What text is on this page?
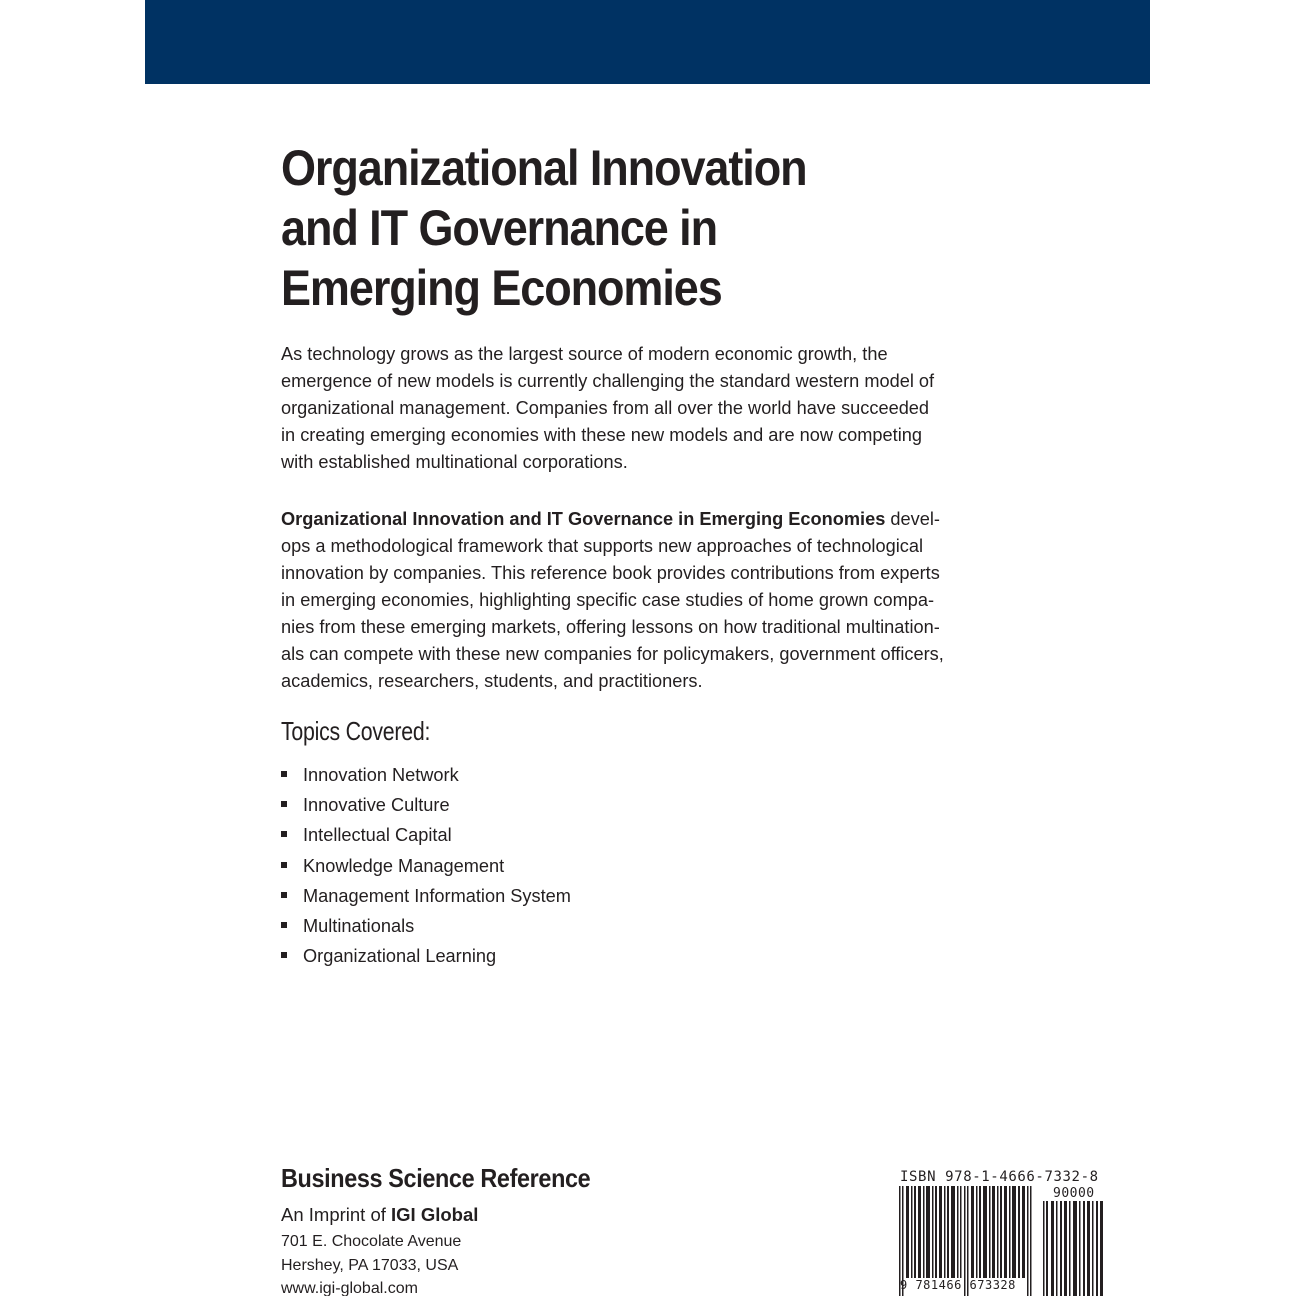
Organizational Innovation
and IT Governance in
Emerging Economies

As technology grows as the largest source of modern economic growth, the
emergence of new models is currently challenging the standard western model of
organizational management. Companies from all over the world have succeeded
in creating emerging economies with these new models and are now competing
with established multinational corporations.

Organizational Innovation and IT Governance in Emerging Economies devel-
ops a methodological framework that supports new approaches of technological
innovation by companies. This reference book provides contributions from experts
in emerging economies, highlighting specific case studies of home grown compa-
nies from these emerging markets, offering lessons on how traditional multination-
als can compete with these new companies for policymakers, government officers,
academics, researchers, students, and practitioners.

Topics Covered:
Innovation Network
Innovative Culture
Intellectual Capital
Knowledge Management
Management Information System
Multinationals
Organizational Learning
Business Science Reference
An Imprint of IGI Global
701 E. Chocolate Avenue
Hershey, PA 17033, USA
www.igi-global.com
ISBN 978-1-4666-7332-8
90000
9 781466 673328
